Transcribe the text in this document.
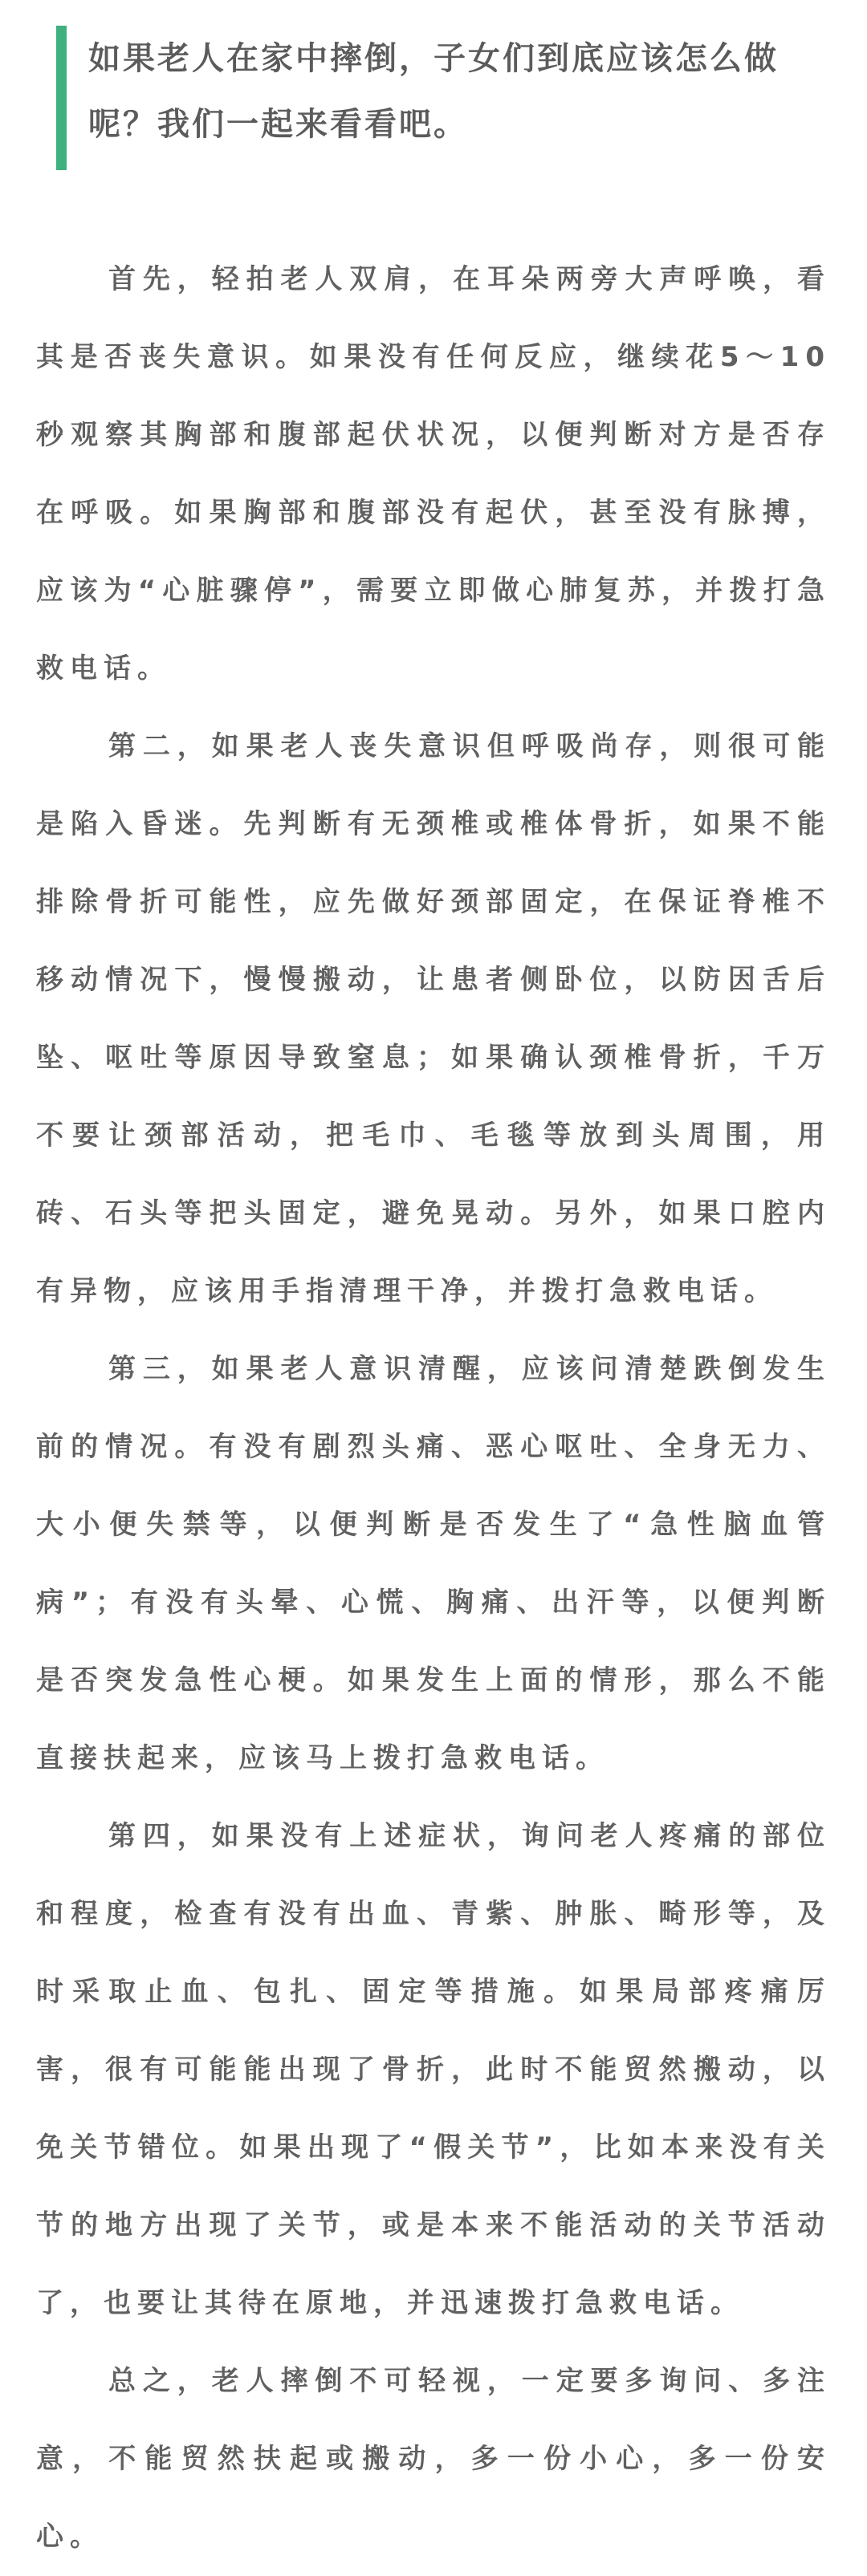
如果老人在家中摔倒，子女们到底应该怎么做呢？我们一起来看看吧。

首先，轻拍老人双肩，在耳朵两旁大声呼唤，看其是否丧失意识。如果没有任何反应，继续花5～10秒观察其胸部和腹部起伏状况，以便判断对方是否存在呼吸。如果胸部和腹部没有起伏，甚至没有脉搏，应该为“心脏骤停”，需要立即做心肺复苏，并拨打急救电话。

第二，如果老人丧失意识但呼吸尚存，则很可能是陷入昏迷。先判断有无颈椎或椎体骨折，如果不能排除骨折可能性，应先做好颈部固定，在保证脊椎不移动情况下，慢慢搬动，让患者侧卧位，以防因舌后坠、呕吐等原因导致窒息；如果确认颈椎骨折，千万不要让颈部活动，把毛巾、毛毯等放到头周围，用砖、石头等把头固定，避免晃动。另外，如果口腔内有异物，应该用手指清理干净，并拨打急救电话。

第三，如果老人意识清醒，应该问清楚跌倒发生前的情况。有没有剧烈头痛、恶心呕吐、全身无力、大小便失禁等，以便判断是否发生了“急性脑血管病”；有没有头晕、心慌、胸痛、出汗等，以便判断是否突发急性心梗。如果发生上面的情形，那么不能直接扶起来，应该马上拨打急救电话。

第四，如果没有上述症状，询问老人疼痛的部位和程度，检查有没有出血、青紫、肿胀、畸形等，及时采取止血、包扎、固定等措施。如果局部疼痛厉害，很有可能能出现了骨折，此时不能贸然搬动，以免关节错位。如果出现了“假关节”，比如本来没有关节的地方出现了关节，或是本来不能活动的关节活动了，也要让其待在原地，并迅速拨打急救电话。

总之，老人摔倒不可轻视，一定要多询问、多注意，不能贸然扶起或搬动，多一份小心，多一份安心。
